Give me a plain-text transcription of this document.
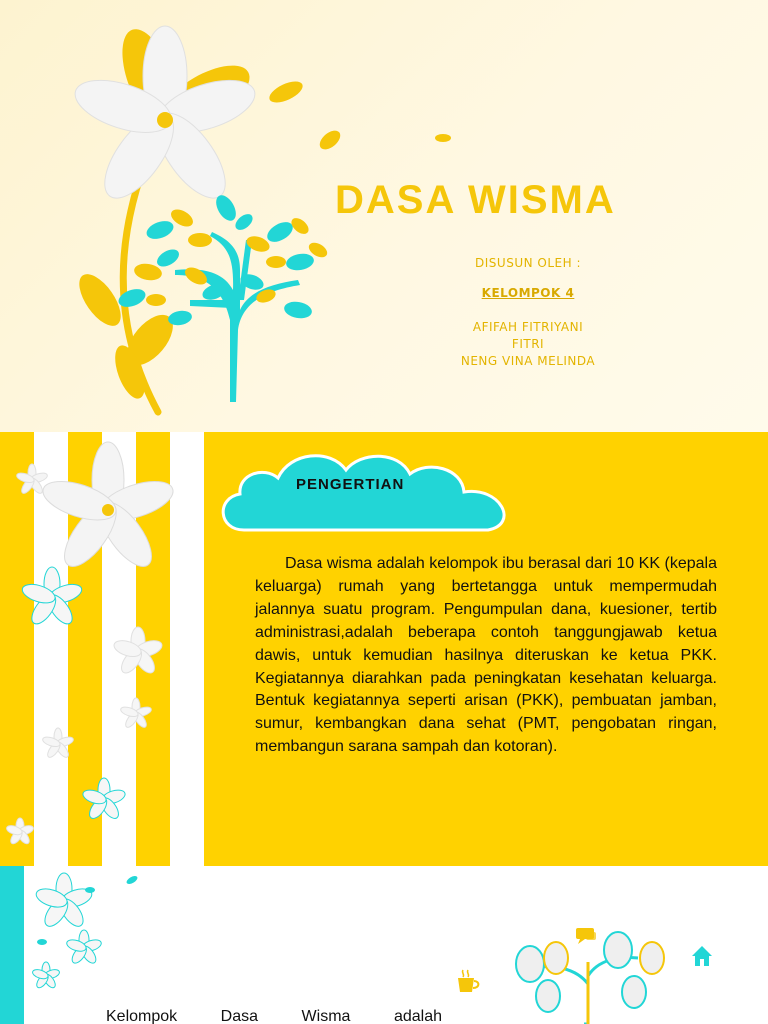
DASA WISMA

DISUSUN OLEH :

KELOMPOK 4

AFIFAH FITRIYANI

FITRI

NENG VINA MELINDA

PENGERTIAN

Dasa wisma adalah kelompok ibu berasal dari 10 KK (kepala keluarga) rumah yang bertetangga untuk mempermudah jalannya suatu program. Pengumpulan dana, kuesioner, tertib administrasi,adalah beberapa contoh tanggungjawab ketua dawis, untuk kemudian hasilnya diteruskan ke ketua PKK. Kegiatannya diarahkan pada peningkatan kesehatan keluarga. Bentuk kegiatannya seperti arisan (PKK), pembuatan jamban, sumur, kembangkan dana sehat (PMT, pengobatan ringan, membangun sarana sampah dan kotoran).

Kelompok Dasa Wisma adalah
